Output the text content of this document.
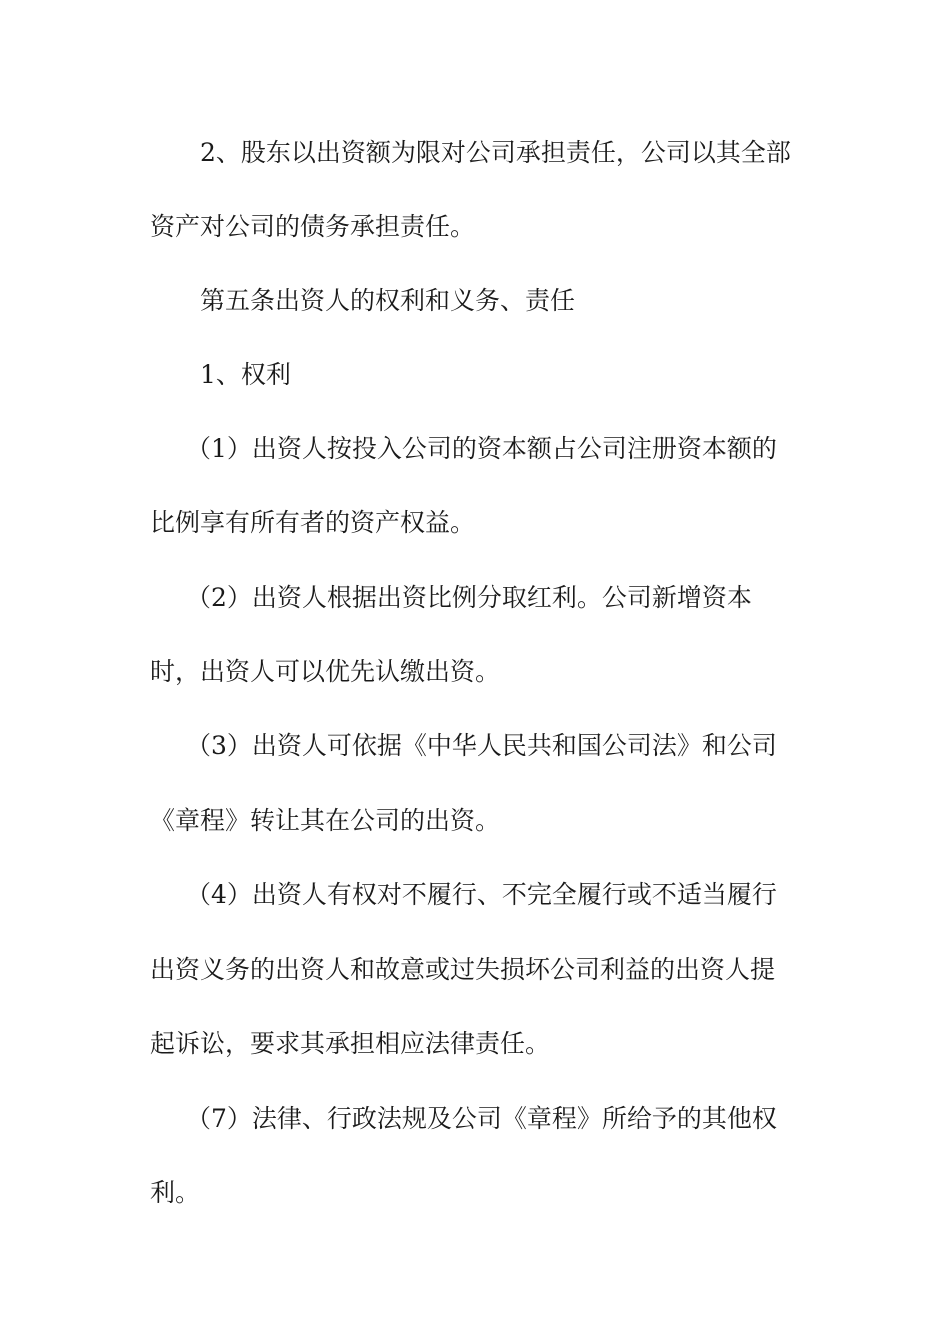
2、股东以出资额为限对公司承担责任，公司以其全部
资产对公司的债务承担责任。
第五条出资人的权利和义务、责任
1、权利
（1）出资人按投入公司的资本额占公司注册资本额的
比例享有所有者的资产权益。
（2）出资人根据出资比例分取红利。公司新增资本
时，出资人可以优先认缴出资。
（3）出资人可依据《中华人民共和国公司法》和公司
《章程》转让其在公司的出资。
（4）出资人有权对不履行、不完全履行或不适当履行
出资义务的出资人和故意或过失损坏公司利益的出资人提
起诉讼，要求其承担相应法律责任。
（7）法律、行政法规及公司《章程》所给予的其他权
利。
